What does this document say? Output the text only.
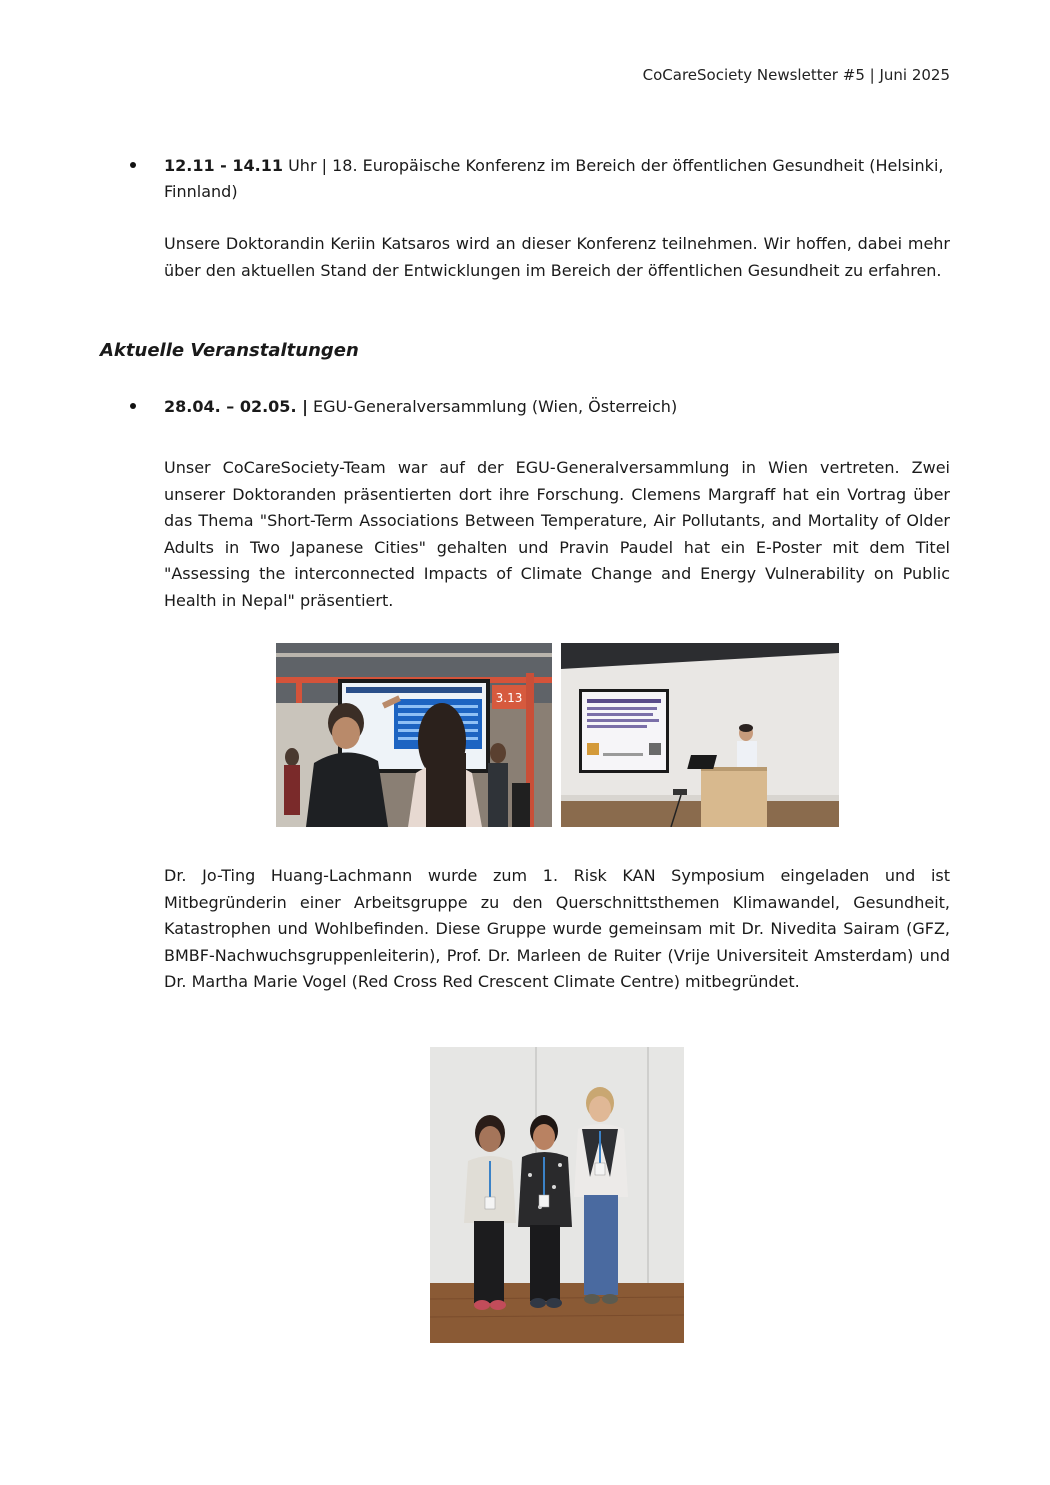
CoCareSociety Newsletter #5 | Juni 2025
12.11 - 14.11 Uhr | 18. Europäische Konferenz im Bereich der öffentlichen Gesundheit (Helsinki, Finnland)
Unsere Doktorandin Keriin Katsaros wird an dieser Konferenz teilnehmen. Wir hoffen, dabei mehr über den aktuellen Stand der Entwicklungen im Bereich der öffentlichen Gesundheit zu erfahren.
Aktuelle Veranstaltungen
28.04. – 02.05. | EGU-Generalversammlung (Wien, Österreich)
Unser CoCareSociety-Team war auf der EGU-Generalversammlung in Wien vertreten. Zwei unserer Doktoranden präsentierten dort ihre Forschung. Clemens Margraff hat ein Vortrag über das Thema "Short-Term Associations Between Temperature, Air Pollutants, and Mortality of Older Adults in Two Japanese Cities" gehalten und Pravin Paudel hat ein E-Poster mit dem Titel "Assessing the interconnected Impacts of Climate Change and Energy Vulnerability on Public Health in Nepal" präsentiert.
3.13
Dr. Jo-Ting Huang-Lachmann wurde zum 1. Risk KAN Symposium eingeladen und ist Mitbegründerin einer Arbeitsgruppe zu den Querschnittsthemen Klimawandel, Gesundheit, Katastrophen und Wohlbefinden. Diese Gruppe wurde gemeinsam mit Dr. Nivedita Sairam (GFZ, BMBF-Nachwuchsgruppenleiterin), Prof. Dr. Marleen de Ruiter (Vrije Universiteit Amsterdam) und Dr. Martha Marie Vogel (Red Cross Red Crescent Climate Centre) mitbegründet.
